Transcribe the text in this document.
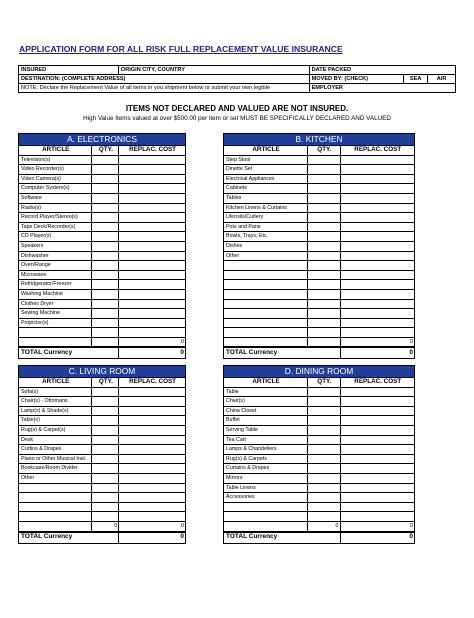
APPLICATION FORM FOR ALL RISK FULL REPLACEMENT VALUE INSURANCE
INSURED	ORIGIN CITY, COUNTRY	DATE PACKED		
DESTINATION: (COMPLETE ADDRESS)		MOVED BY: (CHECK)	SEA	AIR
NOTE: Declare the Replacement Value of all items in you shipment below or submit your own legible		EMPLOYER		
ITEMS NOT DECLARED AND VALUED ARE NOT INSURED.
High Value Items valued at over $500.00 per item or set MUST BE SPECIFICALLY DECLARED AND VALUED
A. ELECTRONICS
ARTICLE	QTY.	REPLAC. COST
Television(s)		
Video Recorder(s)		
Video Camera(s)		
Computer System(s)		
Software		
Radio(s)		
Record Player/Stereo(s)		
Tape Deck/Recorder(s)		
CD Player(s)		
Speakers		
Dishwasher		
Oven/Range		
Microwave		
Refridgerator/Freezer		
Washing Machine		
Clothes Dryer		
Sewing Machine		
Projector(s)		

		0
TOTAL Currency		0
B. KITCHEN
ARTICLE	QTY.	REPLAC. COST
Step Stool		
Dinette Set		
Electrical Appliances		
Cabinets		
Tables		
Kitchen Linens & Curtains		
Utensils/Cutlery		
Pots and Pans		
Bowls, Trays, Etc.		
Dishes		
Other		

		0
TOTAL Currency		0
C. LIVING ROOM
ARTICLE	QTY.	REPLAC. COST
Sofa(s)		
Chair(s) - Ottomans		
Lamp(s) & Shade(s)		
Table(s)		
Rug(s) & Carpet(s)		
Desk		
Curtins & Drapes		
Piano or Other Musical Inst.		
Bookcase/Room Divider		
Other		

	0	0
TOTAL Currency		0
D. DINING ROOM
ARTICLE	QTY.	REPLAC. COST
Table		
Chair(s)		
China Closet		
Buffet		
Serving Table		
Tea Cart		
Lamps & Chandeliers		
Rug(s) & Carpets		
Curtains & Drapes		
Mirrors		
Table Linens		
Accessories		

	0	0
TOTAL Currency		0
